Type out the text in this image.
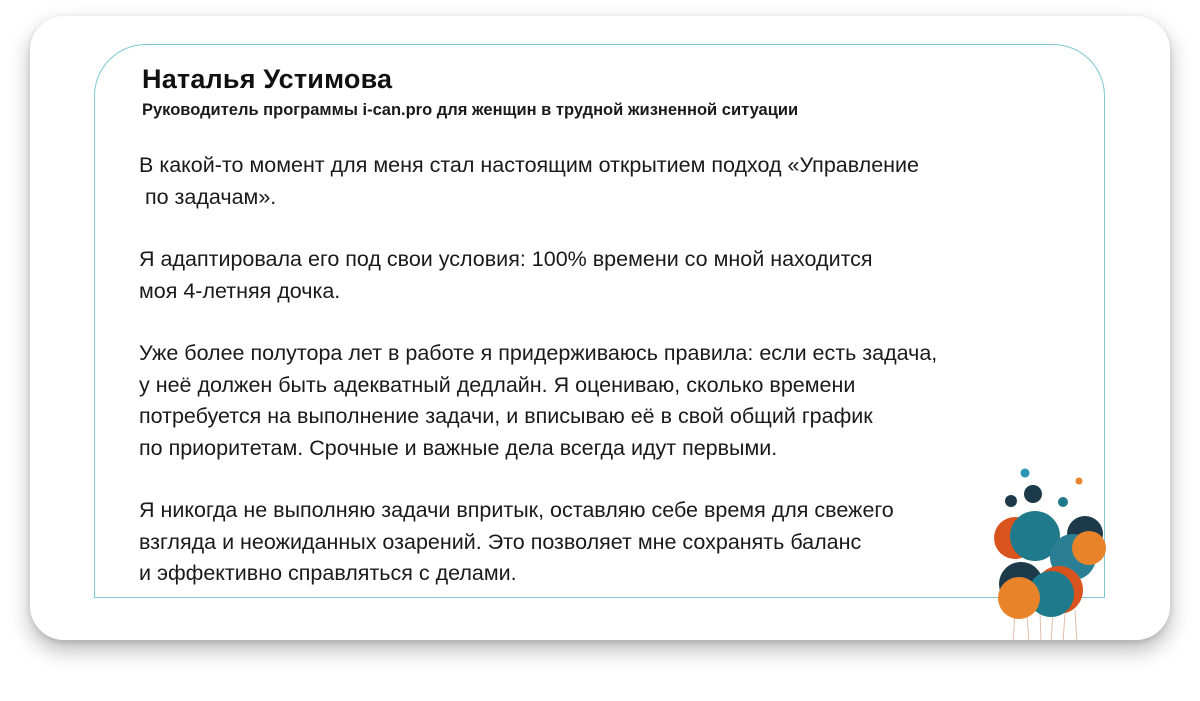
Наталья Устимова

Руководитель программы i-can.pro для женщин в трудной жизненной ситуации

В какой-то момент для меня стал настоящим открытием подход «Управление
по задачам».

Я адаптировала его под свои условия: 100% времени со мной находится
моя 4-летняя дочка.

Уже более полутора лет в работе я придерживаюсь правила: если есть задача,
у неё должен быть адекватный дедлайн. Я оцениваю, сколько времени
потребуется на выполнение задачи, и вписываю её в свой общий график
по приоритетам. Срочные и важные дела всегда идут первыми.

Я никогда не выполняю задачи впритык, оставляю себе время для свежего
взгляда и неожиданных озарений. Это позволяет мне сохранять баланс
и эффективно справляться с делами.
